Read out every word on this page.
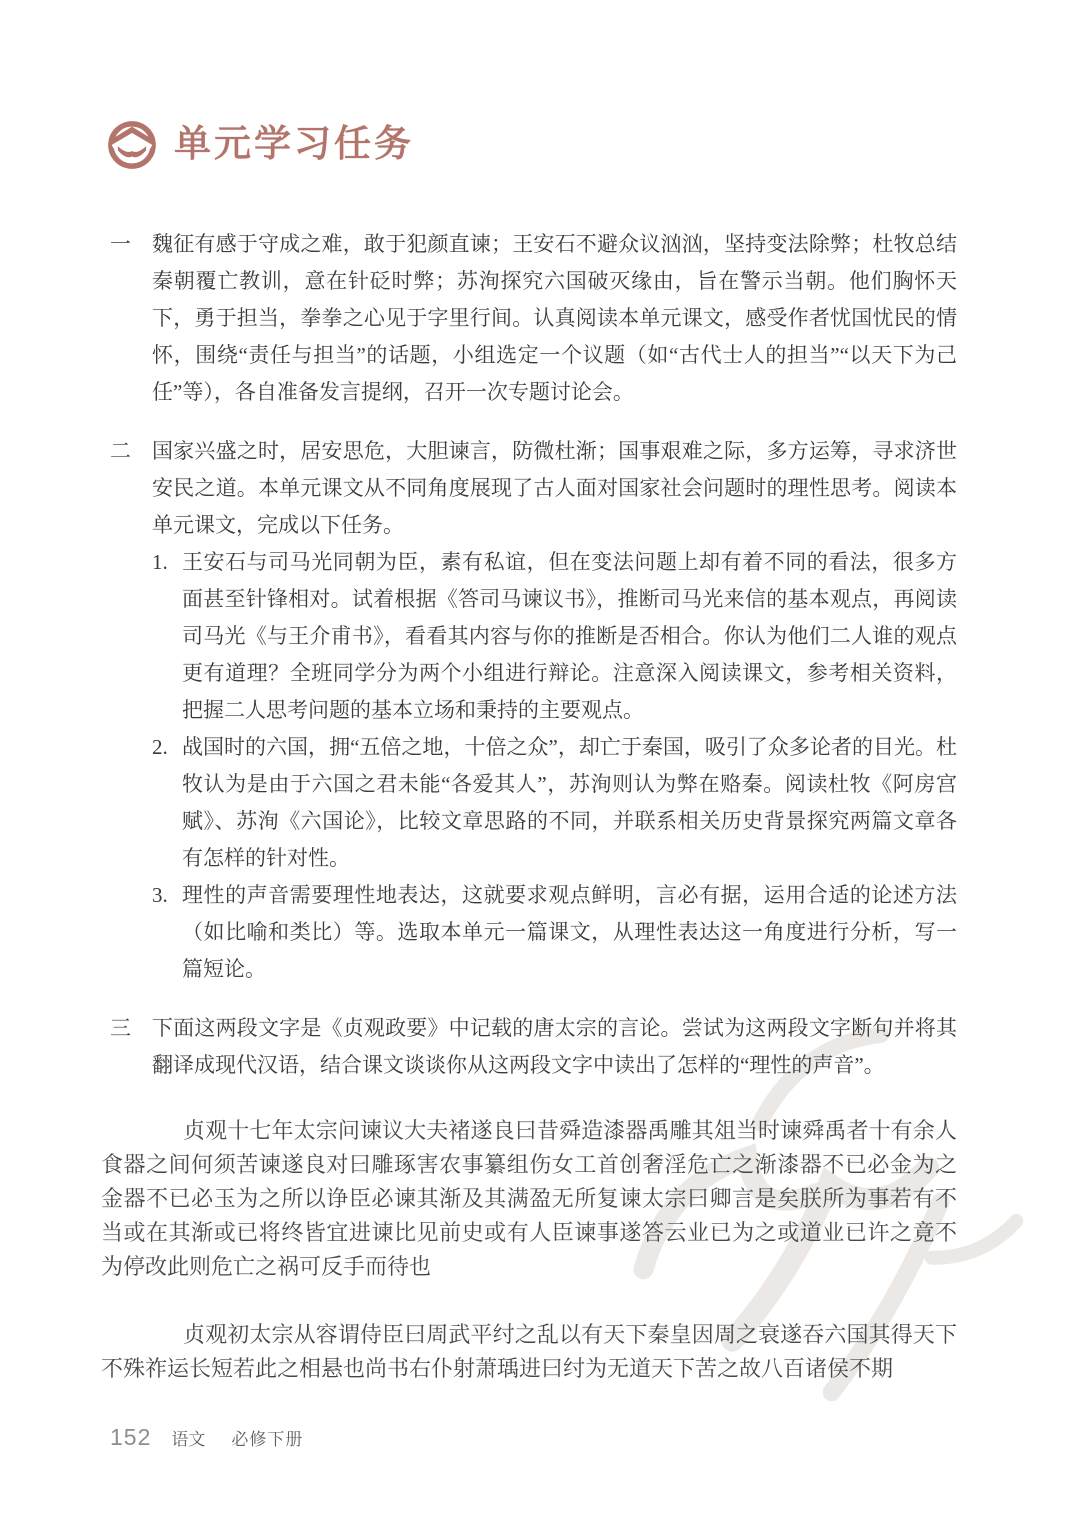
单元学习任务
一	魏征有感于守成之难，敢于犯颜直谏；王安石不避众议汹汹，坚持变法除弊；杜牧总结秦朝覆亡教训，意在针砭时弊；苏洵探究六国破灭缘由，旨在警示当朝。他们胸怀天下，勇于担当，拳拳之心见于字里行间。认真阅读本单元课文，感受作者忧国忧民的情怀，围绕“责任与担当”的话题，小组选定一个议题（如“古代士人的担当”“以天下为己任”等），各自准备发言提纲，召开一次专题讨论会。

二	国家兴盛之时，居安思危，大胆谏言，防微杜渐；国事艰难之际，多方运筹，寻求济世安民之道。本单元课文从不同角度展现了古人面对国家社会问题时的理性思考。阅读本单元课文，完成以下任务。

1. 王安石与司马光同朝为臣，素有私谊，但在变法问题上却有着不同的看法，很多方面甚至针锋相对。试着根据《答司马谏议书》，推断司马光来信的基本观点，再阅读司马光《与王介甫书》，看看其内容与你的推断是否相合。你认为他们二人谁的观点更有道理？全班同学分为两个小组进行辩论。注意深入阅读课文，参考相关资料，把握二人思考问题的基本立场和秉持的主要观点。

2. 战国时的六国，拥“五倍之地，十倍之众”，却亡于秦国，吸引了众多论者的目光。杜牧认为是由于六国之君未能“各爱其人”，苏洵则认为弊在赂秦。阅读杜牧《阿房宫赋》、苏洵《六国论》，比较文章思路的不同，并联系相关历史背景探究两篇文章各有怎样的针对性。

3. 理性的声音需要理性地表达，这就要求观点鲜明，言必有据，运用合适的论述方法（如比喻和类比）等。选取本单元一篇课文，从理性表达这一角度进行分析，写一篇短论。

三	下面这两段文字是《贞观政要》中记载的唐太宗的言论。尝试为这两段文字断句并将其翻译成现代汉语，结合课文谈谈你从这两段文字中读出了怎样的“理性的声音”。

贞观十七年太宗问谏议大夫褚遂良曰昔舜造漆器禹雕其俎当时谏舜禹者十有余人食器之间何须苦谏遂良对曰雕琢害农事纂组伤女工首创奢淫危亡之渐漆器不已必金为之金器不已必玉为之所以诤臣必谏其渐及其满盈无所复谏太宗曰卿言是矣朕所为事若有不当或在其渐或已将终皆宜进谏比见前史或有人臣谏事遂答云业已为之或道业已许之竟不为停改此则危亡之祸可反手而待也

贞观初太宗从容谓侍臣曰周武平纣之乱以有天下秦皇因周之衰遂吞六国其得天下不殊祚运长短若此之相悬也尚书右仆射萧瑀进曰纣为无道天下苦之故八百诸侯不期

152 语文 必修下册
